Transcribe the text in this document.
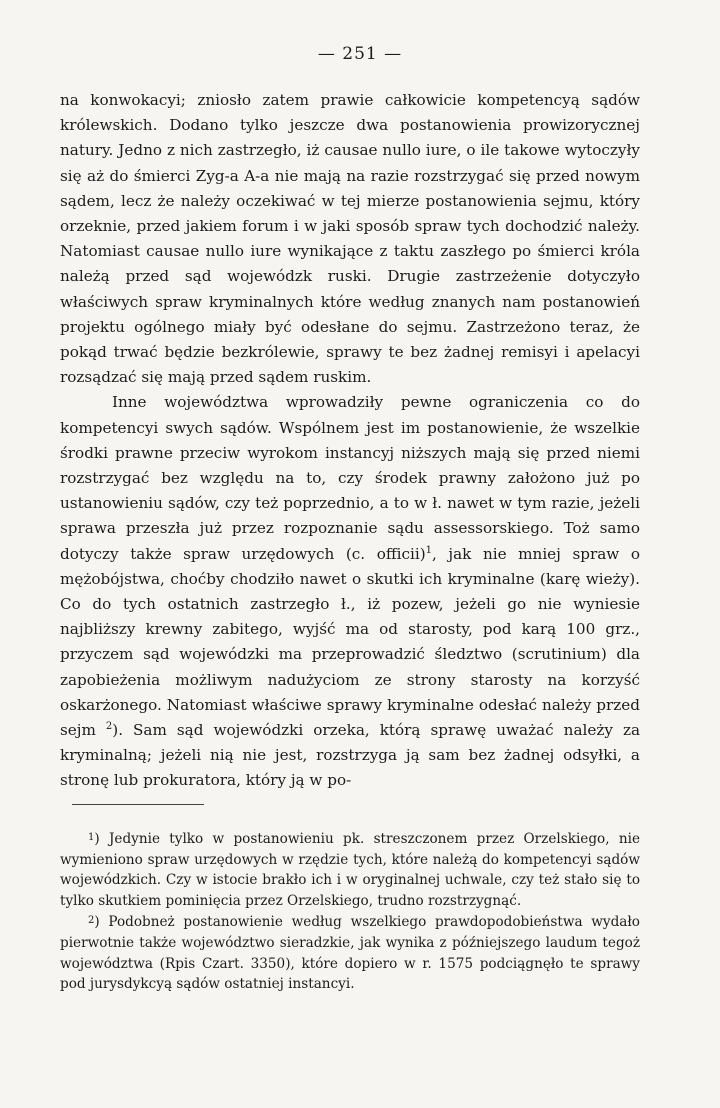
— 251 —

na konwokacyi; zniosło zatem prawie całkowicie kompetencyą sądów królewskich. Dodano tylko jeszcze dwa postanowienia prowizorycznej natury. Jedno z nich zastrzegło, iż causae nullo iure, o ile takowe wytoczyły się aż do śmierci Zyg-a A-a nie mają na razie rozstrzygać się przed nowym sądem, lecz że należy oczekiwać w tej mierze postanowienia sejmu, który orzeknie, przed jakiem forum i w jaki sposób spraw tych dochodzić należy. Natomiast causae nullo iure wynikające z taktu zaszłego po śmierci króla należą przed sąd wojewódzk ruski. Drugie zastrzeżenie dotyczyło właściwych spraw kryminalnych które według znanych nam postanowień projektu ogólnego miały być odesłane do sejmu. Zastrzeżono teraz, że pokąd trwać będzie bezkrólewie, sprawy te bez żadnej remisyi i apelacyi rozsądzać się mają przed sądem ruskim.

Inne województwa wprowadziły pewne ograniczenia co do kompetencyi swych sądów. Wspólnem jest im postanowienie, że wszelkie środki prawne przeciw wyrokom instancyj niższych mają się przed niemi rozstrzygać bez względu na to, czy środek prawny założono już po ustanowieniu sądów, czy też poprzednio, a to w ł. nawet w tym razie, jeżeli sprawa przeszła już przez rozpoznanie sądu assessorskiego. Toż samo dotyczy także spraw urzędowych (c. officii)$^1$, jak nie mniej spraw o mężobójstwa, choćby chodziło nawet o skutki ich kryminalne (karę wieży). Co do tych ostatnich zastrzegło ł., iż pozew, jeżeli go nie wyniesie najbliższy krewny zabitego, wyjść ma od starosty, pod karą 100 grz., przyczem sąd wojewódzki ma przeprowadzić śledztwo (scrutinium) dla zapobieżenia możliwym nadużyciom ze strony starosty na korzyść oskarżonego. Natomiast właściwe sprawy kryminalne odesłać należy przed sejm $^2$). Sam sąd wojewódzki orzeka, którą sprawę uważać należy za kryminalną; jeżeli nią nie jest, rozstrzyga ją sam bez żadnej odsyłki, a stronę lub prokuratora, który ją w po-

$^1$) Jedynie tylko w postanowieniu pk. streszczonem przez Orzelskiego, nie wymieniono spraw urzędowych w rzędzie tych, które należą do kompetencyi sądów wojewódzkich. Czy w istocie brakło ich i w oryginalnej uchwale, czy też stało się to tylko skutkiem pominięcia przez Orzelskiego, trudno rozstrzygnąć.

$^2$) Podobneż postanowienie według wszelkiego prawdopodobieństwa wydało pierwotnie także województwo sieradzkie, jak wynika z późniejszego laudum tegoż województwa (Rpis Czart. 3350), które dopiero w r. 1575 podciągnęło te sprawy pod jurysdykcyą sądów ostatniej instancyi.
